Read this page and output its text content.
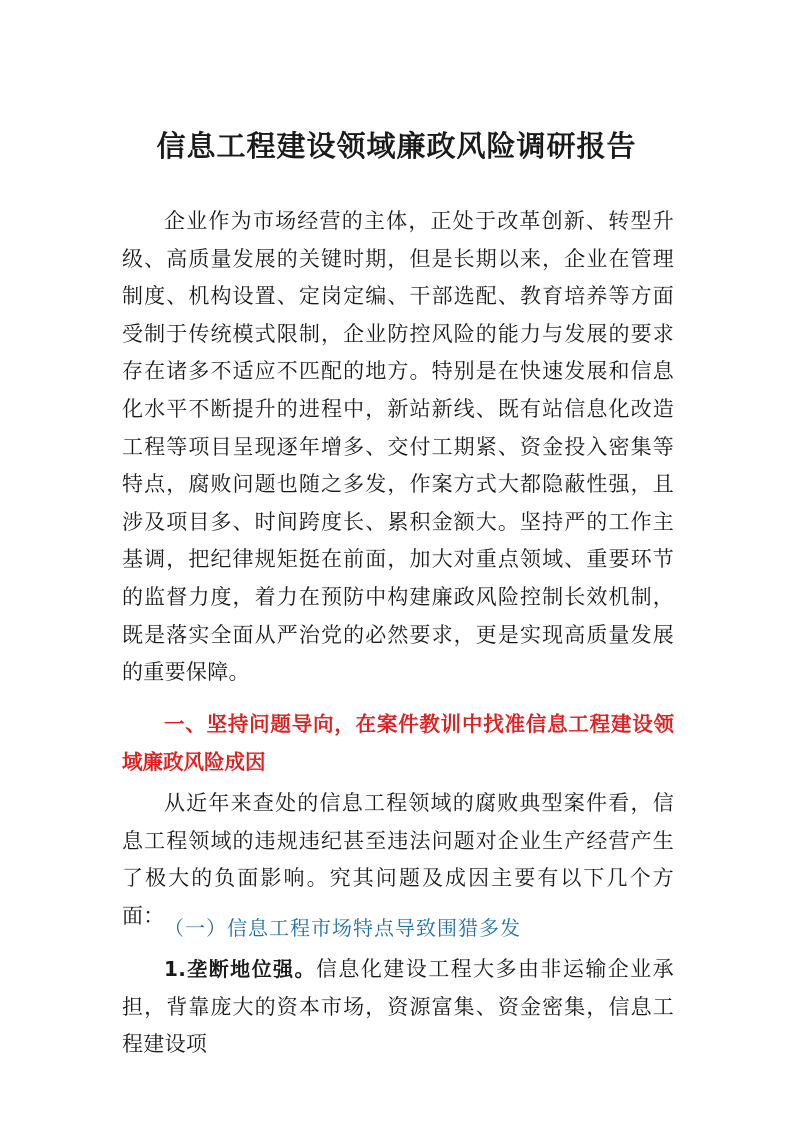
信息工程建设领域廉政风险调研报告

企业作为市场经营的主体，正处于改革创新、转型升级、高质量发展的关键时期，但是长期以来，企业在管理制度、机构设置、定岗定编、干部选配、教育培养等方面受制于传统模式限制，企业防控风险的能力与发展的要求存在诸多不适应不匹配的地方。特别是在快速发展和信息化水平不断提升的进程中，新站新线、既有站信息化改造工程等项目呈现逐年增多、交付工期紧、资金投入密集等特点，腐败问题也随之多发，作案方式大都隐蔽性强，且涉及项目多、时间跨度长、累积金额大。坚持严的工作主基调，把纪律规矩挺在前面，加大对重点领域、重要环节的监督力度，着力在预防中构建廉政风险控制长效机制，既是落实全面从严治党的必然要求，更是实现高质量发展的重要保障。

一、坚持问题导向，在案件教训中找准信息工程建设领域廉政风险成因

从近年来查处的信息工程领域的腐败典型案件看，信息工程领域的违规违纪甚至违法问题对企业生产经营产生了极大的负面影响。究其问题及成因主要有以下几个方面：

（一）信息工程市场特点导致围猎多发

1.垄断地位强。信息化建设工程大多由非运输企业承担，背靠庞大的资本市场，资源富集、资金密集，信息工程建设项
